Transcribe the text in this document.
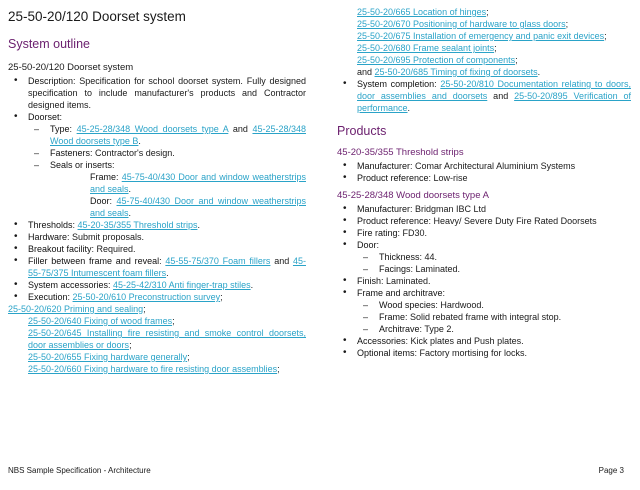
25-50-20/120 Doorset system
System outline
25-50-20/120 Doorset system
• Description: Specification for school doorset system. Fully designed specification to include manufacturer's products and Contractor designed items.
• Doorset:
– Type: 45-25-28/348 Wood doorsets type A and 45-25-28/348 Wood doorsets type B.
– Fasteners: Contractor's design.
– Seals or inserts:
Frame: 45-75-40/430 Door and window weatherstrips and seals.
Door: 45-75-40/430 Door and window weatherstrips and seals.
• Thresholds: 45-20-35/355 Threshold strips.
• Hardware: Submit proposals.
• Breakout facility: Required.
• Filler between frame and reveal: 45-55-75/370 Foam fillers and 45-55-75/375 Intumescent foam fillers.
• System accessories: 45-25-42/310 Anti finger-trap stiles.
• Execution: 25-50-20/610 Preconstruction survey;
25-50-20/620 Priming and sealing;
25-50-20/640 Fixing of wood frames;
25-50-20/645 Installing fire resisting and smoke control doorsets, door assemblies or doors;
25-50-20/655 Fixing hardware generally;
25-50-20/660 Fixing hardware to fire resisting door assemblies;
25-50-20/665 Location of hinges;
25-50-20/670 Positioning of hardware to glass doors;
25-50-20/675 Installation of emergency and panic exit devices;
25-50-20/680 Frame sealant joints;
25-50-20/695 Protection of components;
and 25-50-20/685 Timing of fixing of doorsets.
• System completion: 25-50-20/810 Documentation relating to doors, door assemblies and doorsets and 25-50-20/895 Verification of performance.
Products
45-20-35/355 Threshold strips
• Manufacturer: Comar Architectural Aluminium Systems
• Product reference: Low-rise
45-25-28/348 Wood doorsets type A
• Manufacturer: Bridgman IBC Ltd
• Product reference: Heavy/ Severe Duty Fire Rated Doorsets
• Fire rating: FD30.
• Door:
– Thickness: 44.
– Facings: Laminated.
• Finish: Laminated.
• Frame and architrave:
– Wood species: Hardwood.
– Frame: Solid rebated frame with integral stop.
– Architrave: Type 2.
• Accessories: Kick plates and Push plates.
• Optional items: Factory mortising for locks.
NBS Sample Specification - Architecture	Page 3
